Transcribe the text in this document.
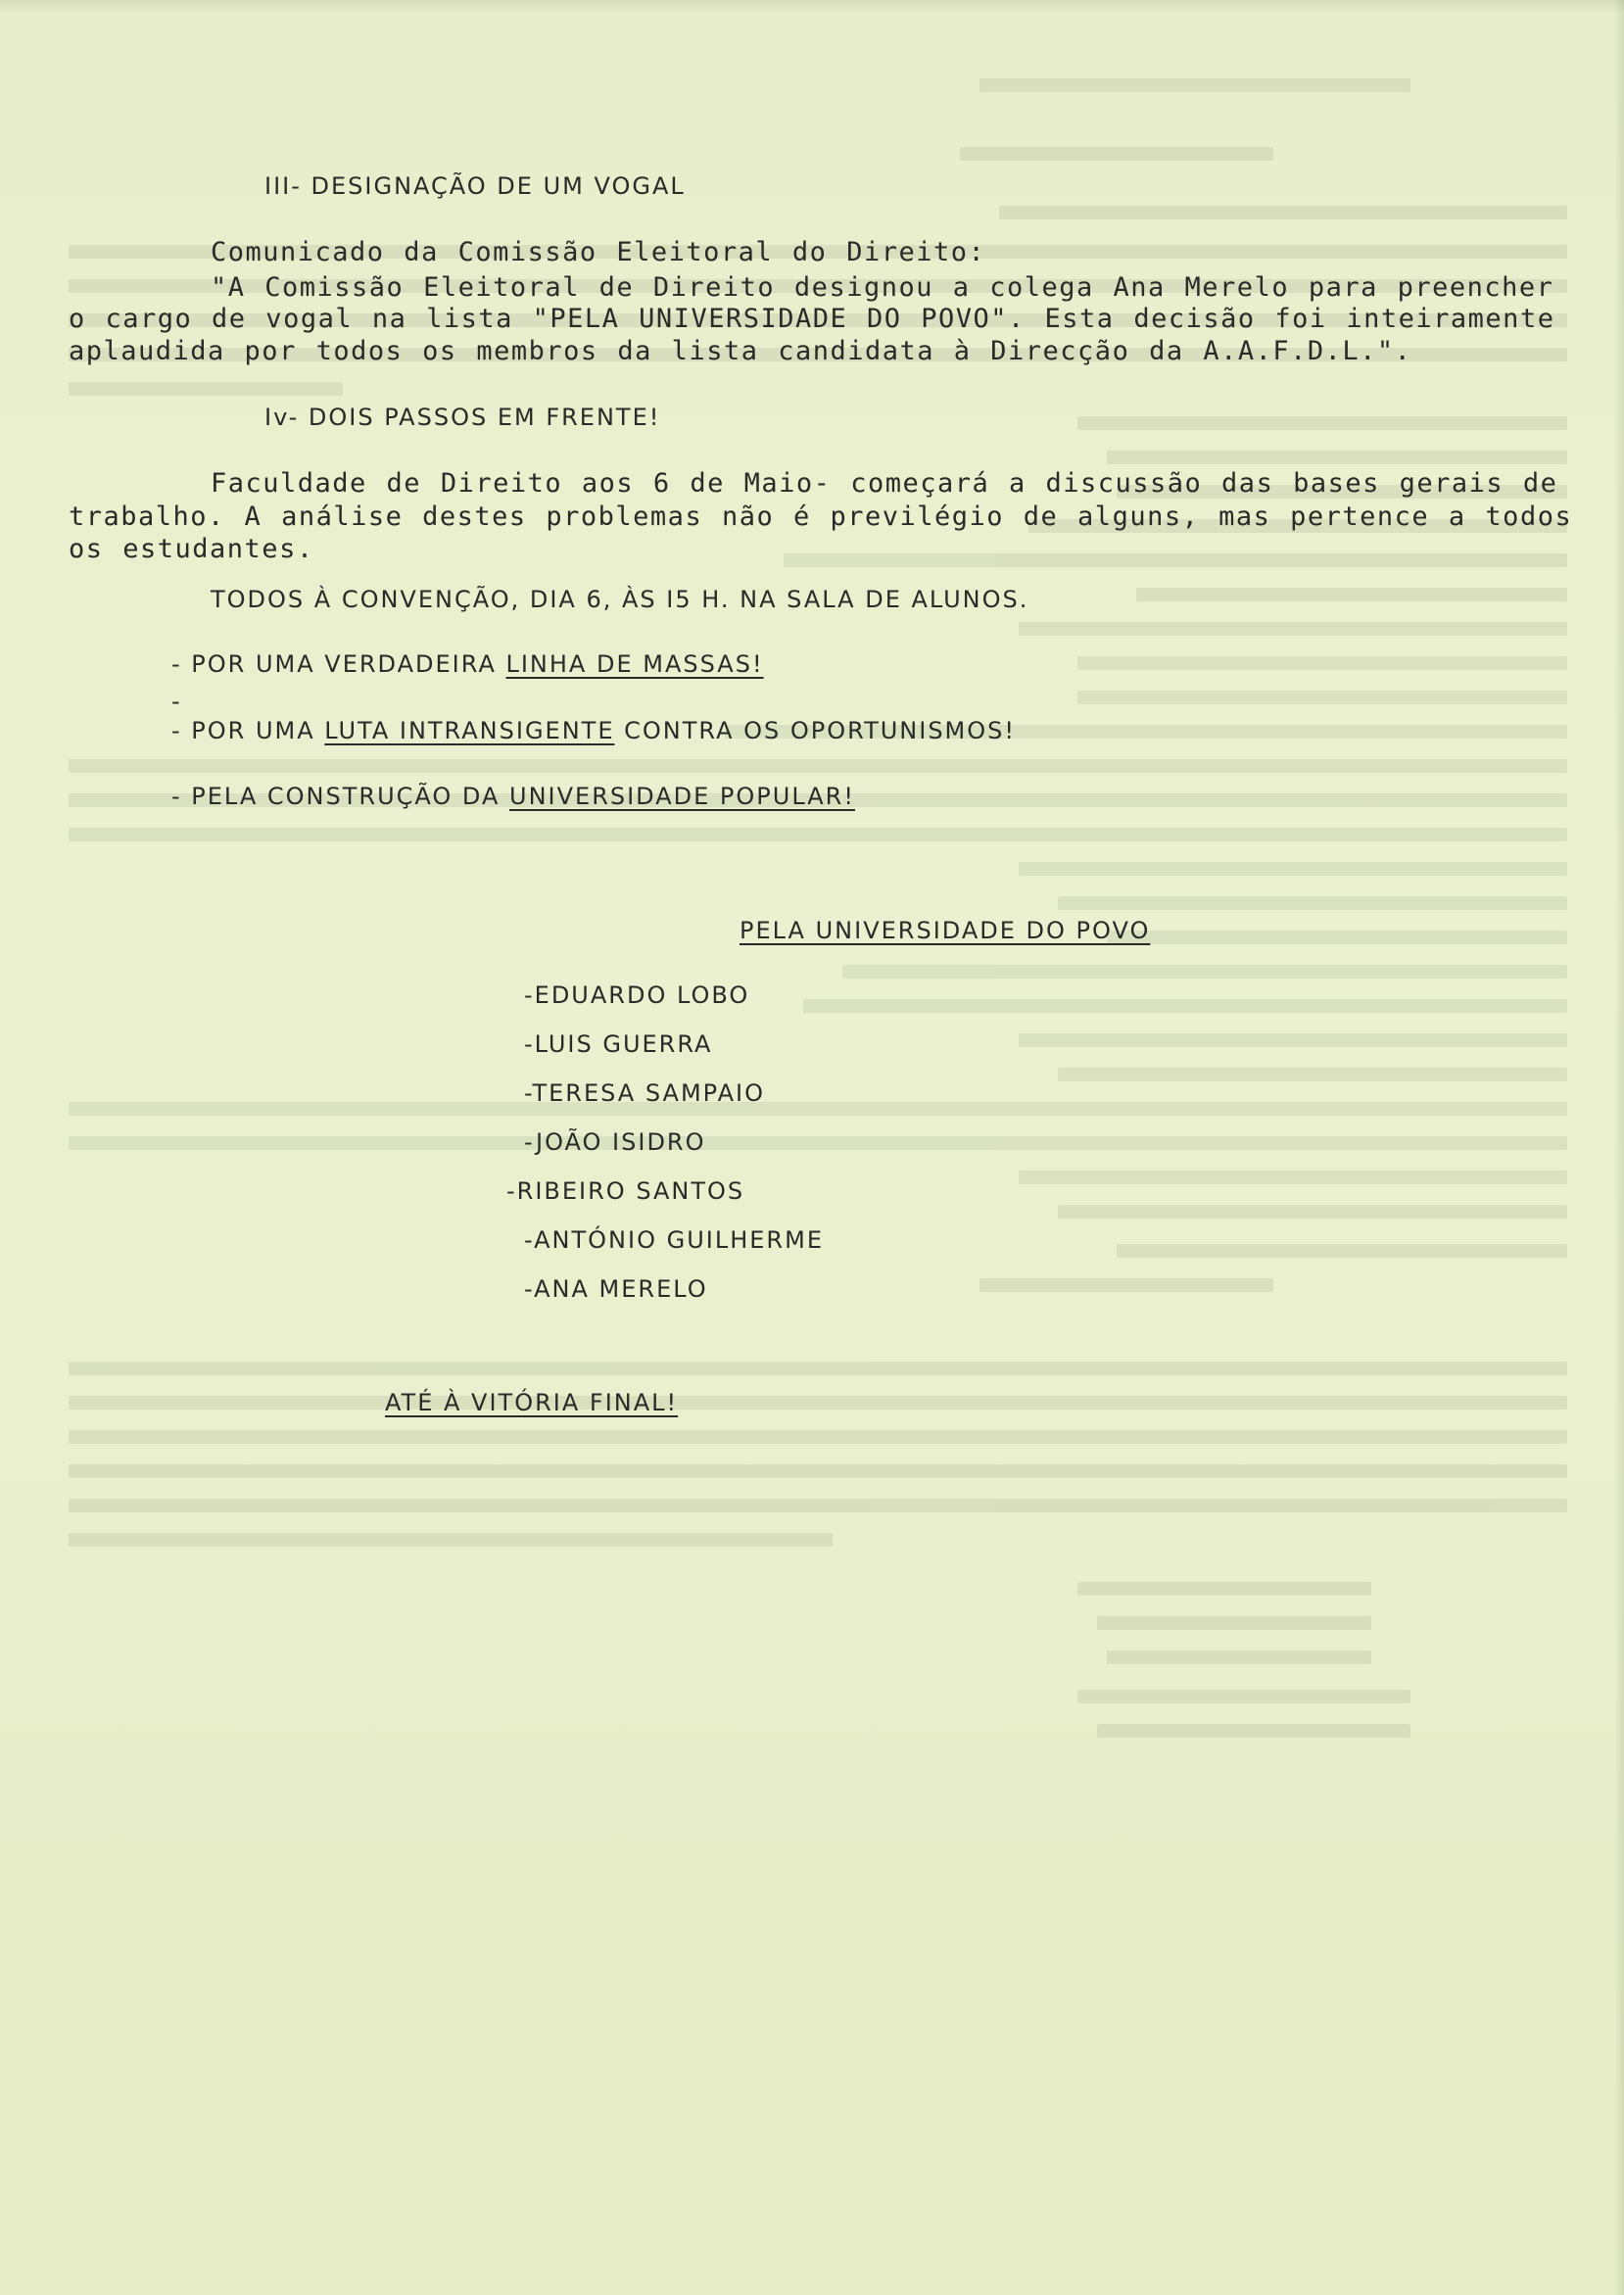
III- DESIGNAÇÃO DE UM VOGAL
Comunicado da Comissão Eleitoral do Direito:
"A Comissão Eleitoral de Direito designou a colega Ana Merelo para preencher
o cargo de vogal na lista "PELA UNIVERSIDADE DO POVO". Esta decisão foi inteiramente
aplaudida por todos os membros da lista candidata à Direcção da A.A.F.D.L.".
Iv- DOIS PASSOS EM FRENTE!
Faculdade de Direito aos 6 de Maio- começará a discussão das bases gerais de
trabalho. A análise destes problemas não é previlégio de alguns, mas pertence a todos
os estudantes.
TODOS À CONVENÇÃO, DIA 6, ÀS I5 H. NA SALA DE ALUNOS.
- POR UMA VERDADEIRA LINHA DE MASSAS!
-
- POR UMA LUTA INTRANSIGENTE CONTRA OS OPORTUNISMOS!
- PELA CONSTRUÇÃO DA UNIVERSIDADE POPULAR!
PELA UNIVERSIDADE DO POVO
-EDUARDO LOBO
-LUIS GUERRA
-TERESA SAMPAIO
-JOÃO ISIDRO
-RIBEIRO SANTOS
-ANTÓNIO GUILHERME
-ANA MERELO
ATÉ À VITÓRIA FINAL!
